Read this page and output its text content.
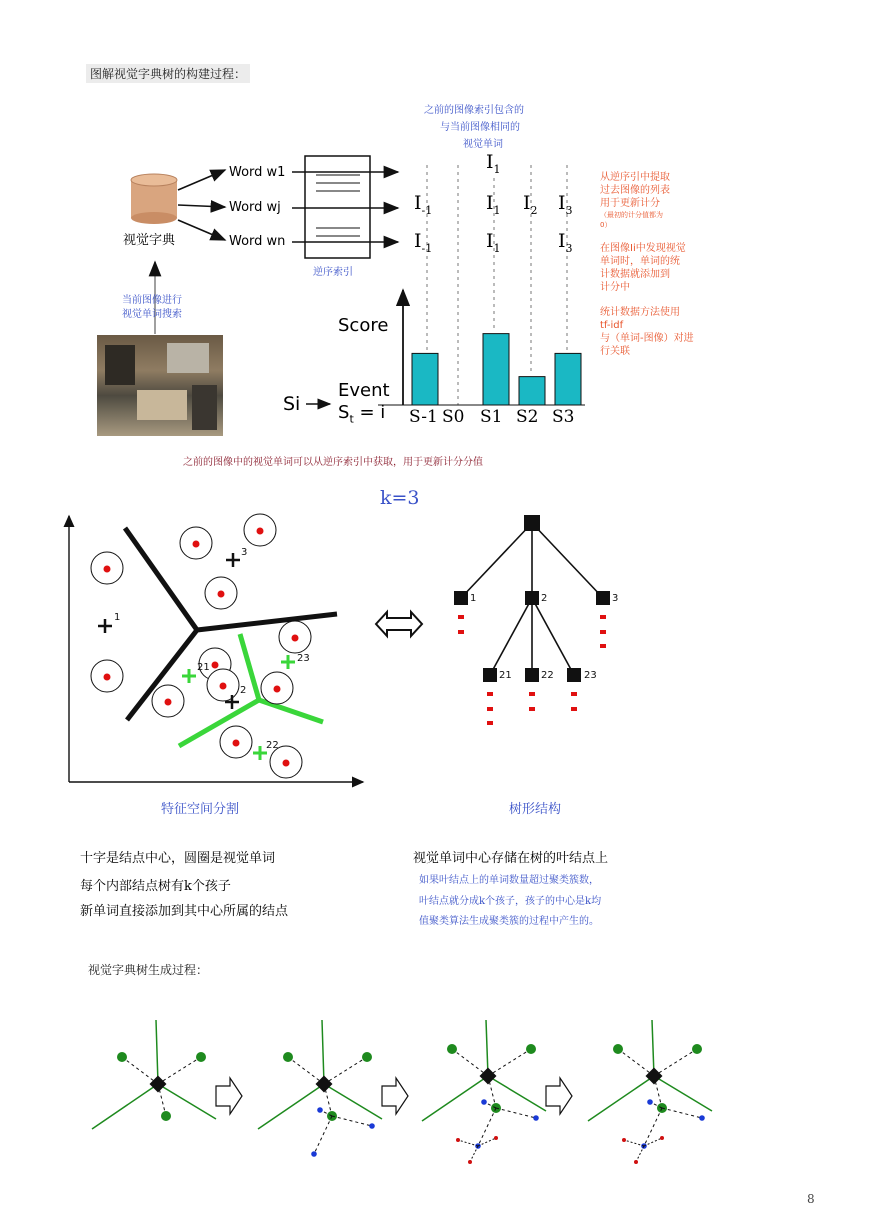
图解视觉字典树的构建过程：
视觉字典
Word w1
Word wj
Word wn
逆序索引
当前图像进行
视觉单词搜索
之前的图像索引包含的
与当前图像相同的
视觉单词
$I_1$
$I_{-1}$	$I_1$ $I_2$ $I_3$
$I_{-1}$	$I_1$	$I_3$
Score
Event
Si $S_t = i$ S-1 S0 S1 S2 S3
从逆序引中提取
过去图像的列表
用于更新计分
（最初的计分值都为
0）
在图像Ii中发现视觉
单词时，单词的统
计数据就添加到
计分中
统计数据方法使用
tf-idf
与（单词-图像）对进
行关联
之前的图像中的视觉单词可以从逆序索引中获取，用于更新计分分值
k=3
1
2
3
21
22
23
1	2	3
21	22	23
特征空间分割	树形结构
十字是结点中心，圆圈是视觉单词
每个内部结点树有k个孩子
新单词直接添加到其中心所属的结点
视觉单词中心存储在树的叶结点上
如果叶结点上的单词数量超过聚类簇数，
叶结点就分成k个孩子，孩子的中心是k均
值聚类算法生成聚类簇的过程中产生的。
视觉字典树生成过程：
8
